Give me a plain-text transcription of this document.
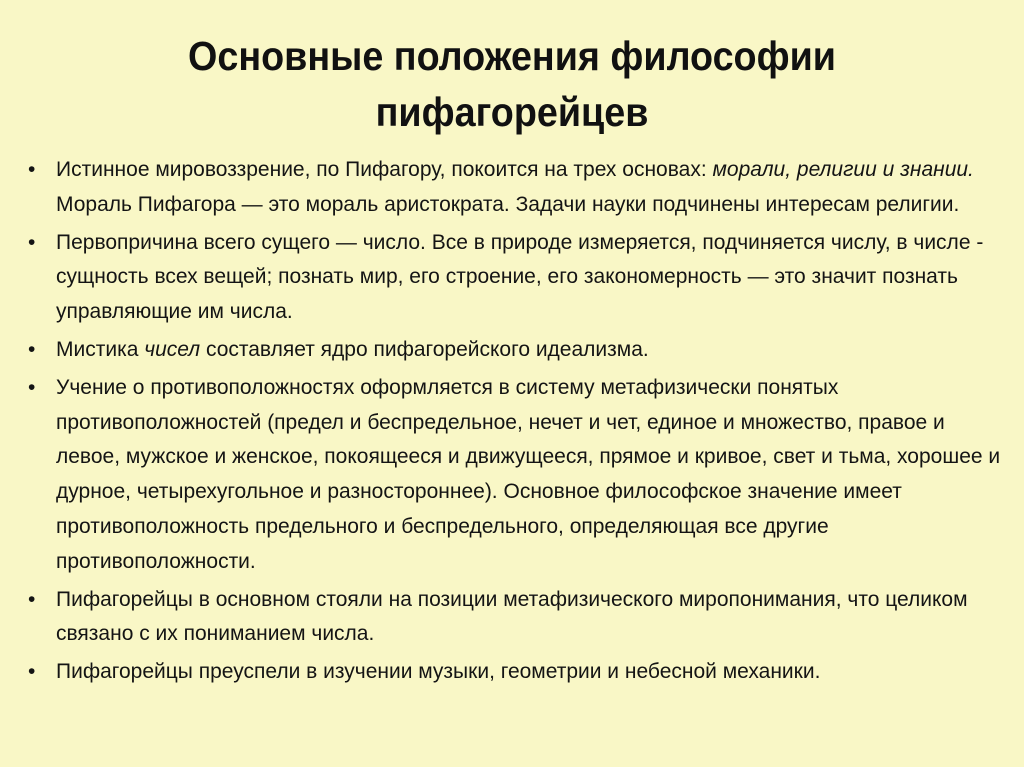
Основные положения философии
пифагорейцев
• Истинное мировоззрение, по Пифагору, покоится на трех основах: морали, религии и знании. Мораль Пифагора — это мораль аристократа. Задачи науки подчинены интересам религии.
• Первопричина всего сущего — число. Все в природе измеряется, подчиняется числу, в числе - сущность всех вещей; познать мир, его строение, его закономерность — это значит познать управляющие им числа.
• Мистика чисел составляет ядро пифагорейского идеализма.
• Учение о противоположностях оформляется в систему метафизически понятых противоположностей (предел и беспредельное, нечет и чет, единое и множество, правое и левое, мужское и женское, покоящееся и движущееся, прямое и кривое, свет и тьма, хорошее и дурное, четырехугольное и разностороннее). Основное философское значение имеет противоположность предельного и беспредельного, определяющая все другие противоположности.
• Пифагорейцы в основном стояли на позиции метафизического миропонимания, что целиком связано с их пониманием числа.
• Пифагорейцы преуспели в изучении музыки, геометрии и небесной механики.
